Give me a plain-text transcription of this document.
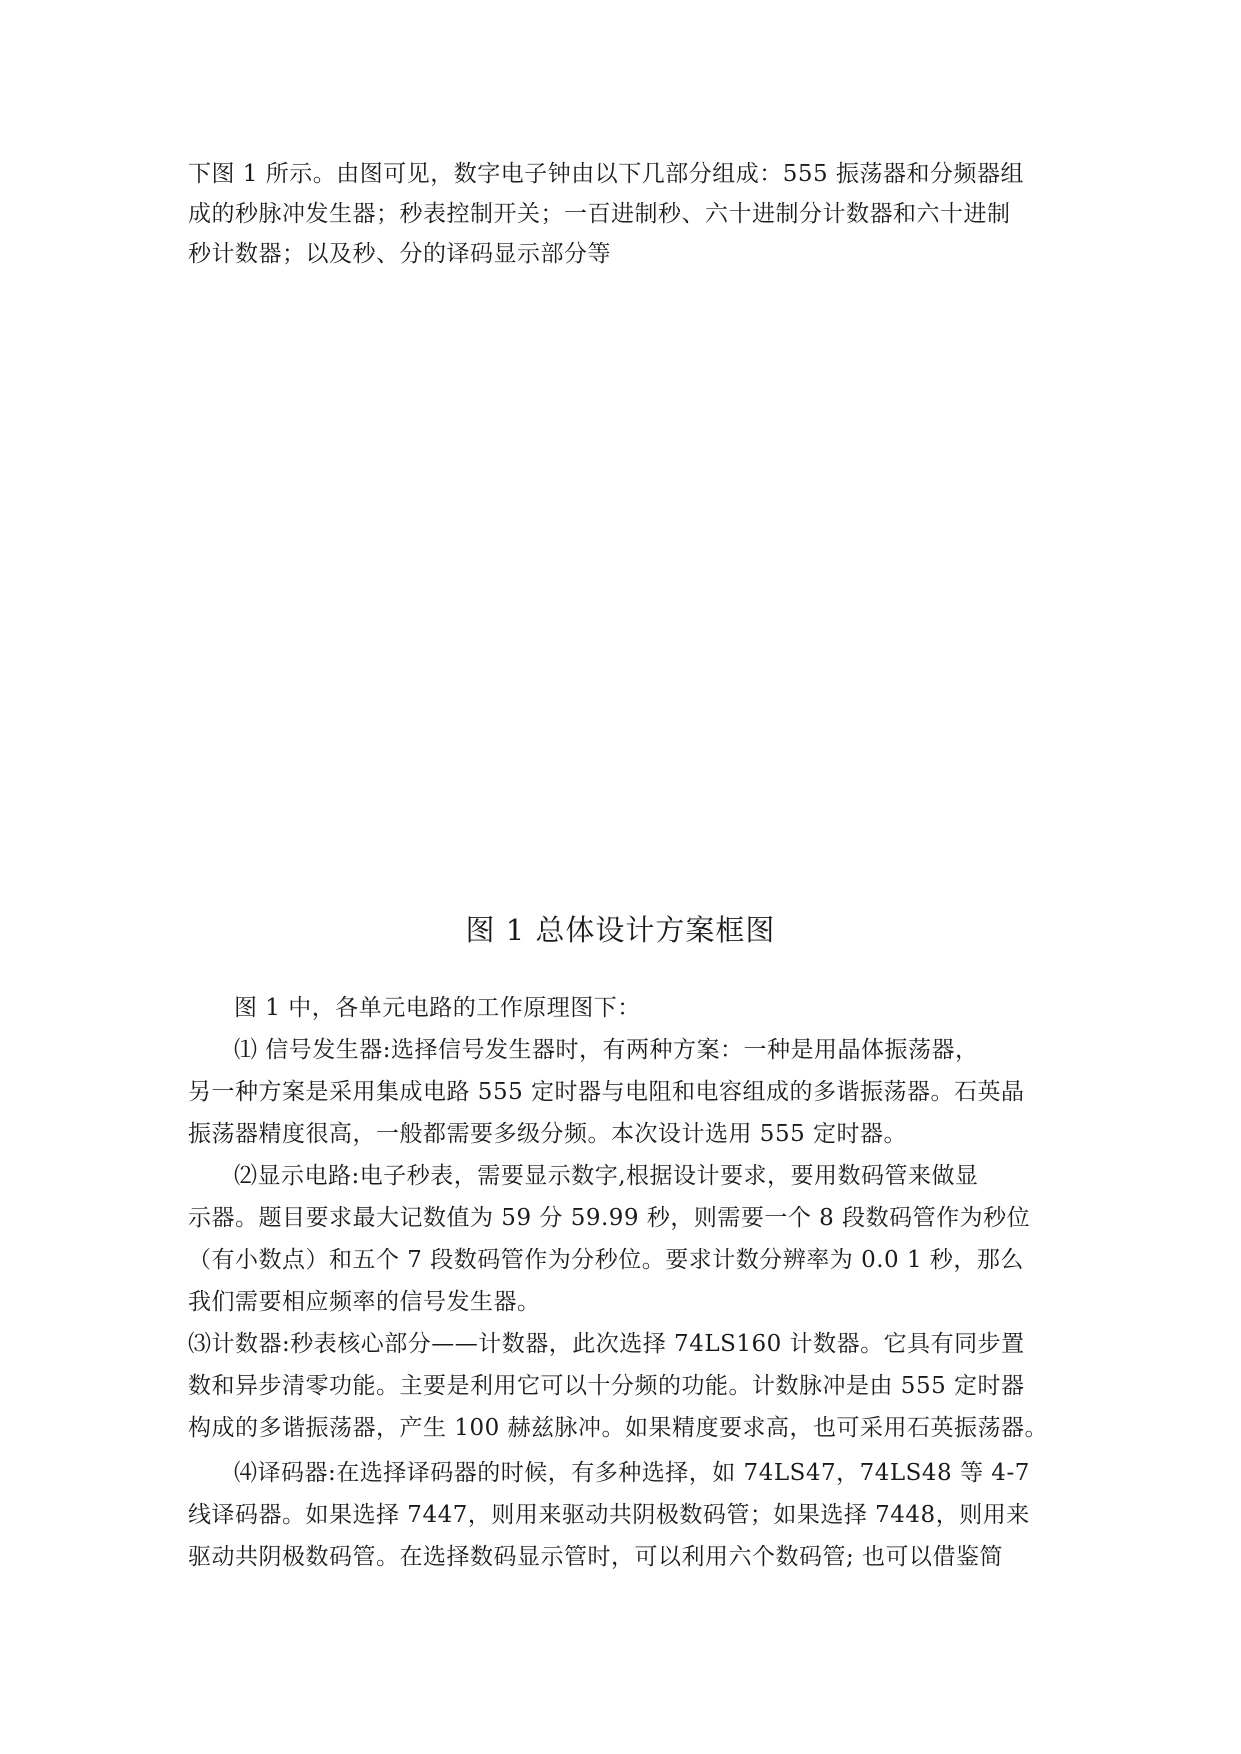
下图 1 所示。由图可见，数字电子钟由以下几部分组成：555 振荡器和分频器组
成的秒脉冲发生器；秒表控制开关；一百进制秒、六十进制分计数器和六十进制
秒计数器；以及秒、分的译码显示部分等
图 1 总体设计方案框图

图 1 中，各单元电路的工作原理图下：

⑴ 信号发生器:选择信号发生器时，有两种方案：一种是用晶体振荡器，
另一种方案是采用集成电路 555 定时器与电阻和电容组成的多谐振荡器。石英晶
振荡器精度很高，一般都需要多级分频。本次设计选用 555 定时器。

⑵显示电路:电子秒表，需要显示数字,根据设计要求，要用数码管来做显
示器。题目要求最大记数值为 59 分 59.99 秒，则需要一个 8 段数码管作为秒位
（有小数点）和五个 7 段数码管作为分秒位。要求计数分辨率为 0.0 1 秒，那么
我们需要相应频率的信号发生器。

⑶计数器:秒表核心部分——计数器，此次选择 74LS160 计数器。它具有同步置
数和异步清零功能。主要是利用它可以十分频的功能。计数脉冲是由 555 定时器
构成的多谐振荡器，产生 100 赫兹脉冲。如果精度要求高，也可采用石英振荡器。

⑷译码器:在选择译码器的时候，有多种选择，如 74LS47，74LS48 等 4-7
线译码器。如果选择 7447，则用来驱动共阴极数码管；如果选择 7448，则用来
驱动共阴极数码管。在选择数码显示管时，可以利用六个数码管; 也可以借鉴简
